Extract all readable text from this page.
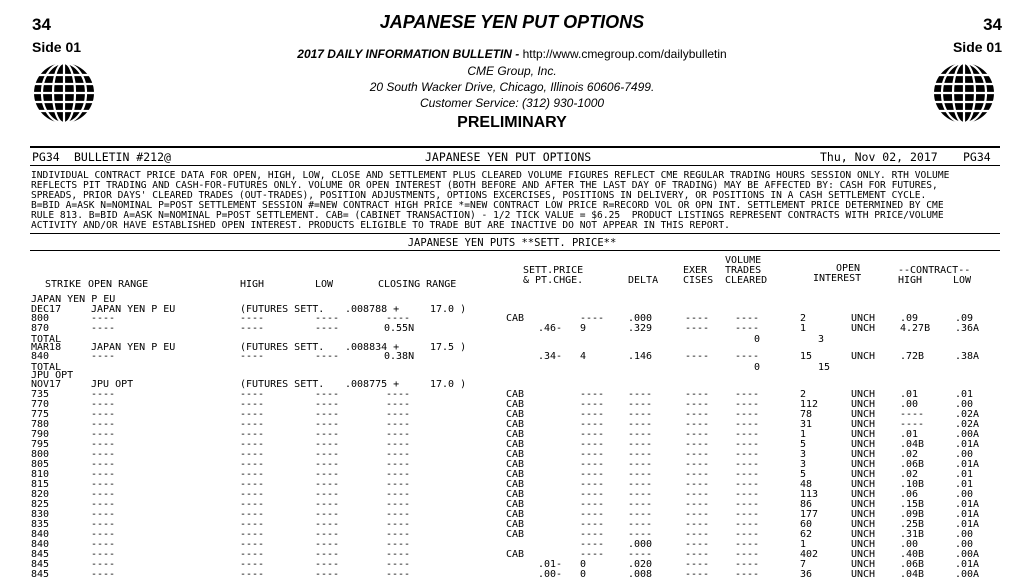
34
Side 01
34
Side 01
JAPANESE YEN PUT OPTIONS
2017 DAILY INFORMATION BULLETIN - http://www.cmegroup.com/dailybulletin
CME Group, Inc.
20 South Wacker Drive, Chicago, Illinois 60606-7499.
Customer Service: (312) 930-1000
PRELIMINARY
PG34 BULLETIN #212@	JAPANESE YEN PUT OPTIONS	Thu, Nov 02, 2017 PG34
INDIVIDUAL CONTRACT PRICE DATA FOR OPEN, HIGH, LOW, CLOSE AND SETTLEMENT PLUS CLEARED VOLUME FIGURES REFLECT CME REGULAR TRADING HOURS SESSION ONLY. RTH VOLUME
REFLECTS PIT TRADING AND CASH-FOR-FUTURES ONLY. VOLUME OR OPEN INTEREST (BOTH BEFORE AND AFTER THE LAST DAY OF TRADING) MAY BE AFFECTED BY: CASH FOR FUTURES,
SPREADS, PRIOR DAYS' CLEARED TRADES (OUT-TRADES), POSITION ADJUSTMENTS, OPTIONS EXCERCISES, POSITIONS IN DELIVERY, OR POSITIONS IN A CASH SETTLEMENT CYCLE.
B=BID A=ASK N=NOMINAL P=POST SETTLEMENT SESSION #=NEW CONTRACT HIGH PRICE *=NEW CONTRACT LOW PRICE R=RECORD VOL OR OPN INT. SETTLEMENT PRICE DETERMINED BY CME
RULE 813. B=BID A=ASK N=NOMINAL P=POST SETTLEMENT. CAB= (CABINET TRANSACTION) - 1/2 TICK VALUE = $6.25  PRODUCT LISTINGS REPRESENT CONTRACTS WITH PRICE/VOLUME
ACTIVITY AND/OR HAVE ESTABLISHED OPEN INTEREST. PRODUCTS ELIGIBLE TO TRADE BUT ARE INACTIVE DO NOT APPEAR IN THIS REPORT.
JAPANESE YEN PUTS **SETT. PRICE**
STRIKE OPEN RANGE	HIGH	LOW	CLOSING RANGE
SETT.PRICE
& PT.CHGE.	DELTA
EXER
CISES
VOLUME
TRADES
CLEARED
OPEN
INTEREST
--CONTRACT--
HIGH	LOW
JAPAN YEN P EU
DEC17	JAPAN YEN P EU	(FUTURES SETT. .008788 +	17.0 )
800	----	----	----	----	CAB	---- .000	----	----	2	UNCH .09	.09
870	----	----	----	0.55N	.46- 9	.329	----	----	1	UNCH 4.27B .36A
TOTAL	0	3
MAR18	JAPAN YEN P EU	(FUTURES SETT. .008834 +	17.5 )
840	----	----	----	0.38N	.34- 4	.146	----	----	15	UNCH .72B	.38A
TOTAL	0	15
JPU OPT
NOV17	JPU OPT	(FUTURES SETT. .008775 +	17.0 )
735	----	----	----	----	CAB	---- ----	----	----	2	UNCH .01	.01
770	----	----	----	----	CAB	---- ----	----	----	112	UNCH .00	.00
775	----	----	----	----	CAB	---- ----	----	----	78	UNCH ----	.02A
780	----	----	----	----	CAB	---- ----	----	----	31	UNCH ----	.02A
790	----	----	----	----	CAB	---- ----	----	----	1	UNCH .01	.00A
795	----	----	----	----	CAB	---- ----	----	----	5	UNCH .04B	.01A
800	----	----	----	----	CAB	---- ----	----	----	3	UNCH .02	.00
805	----	----	----	----	CAB	---- ----	----	----	3	UNCH .06B	.01A
810	----	----	----	----	CAB	---- ----	----	----	5	UNCH .02	.01
815	----	----	----	----	CAB	---- ----	----	----	48	UNCH .10B	.01
820	----	----	----	----	CAB	---- ----	----	----	113	UNCH .06	.00
825	----	----	----	----	CAB	---- ----	----	----	86	UNCH .15B	.01A
830	----	----	----	----	CAB	---- ----	----	----	177	UNCH .09B	.01A
835	----	----	----	----	CAB	---- ----	----	----	60	UNCH .25B	.01A
840	----	----	----	----	CAB	---- ----	----	----	62	UNCH .31B	.00
840	----	----	----	----	---- .000	----	----	1	UNCH .00	.00
845	----	----	----	----	CAB	---- ----	----	----	402	UNCH .40B	.00A
845	----	----	----	----	.01- 0	.020	----	----	7	UNCH .06B	.01A
845	----	----	----	----	.00- 0	.008	----	----	36	UNCH .04B	.00A
